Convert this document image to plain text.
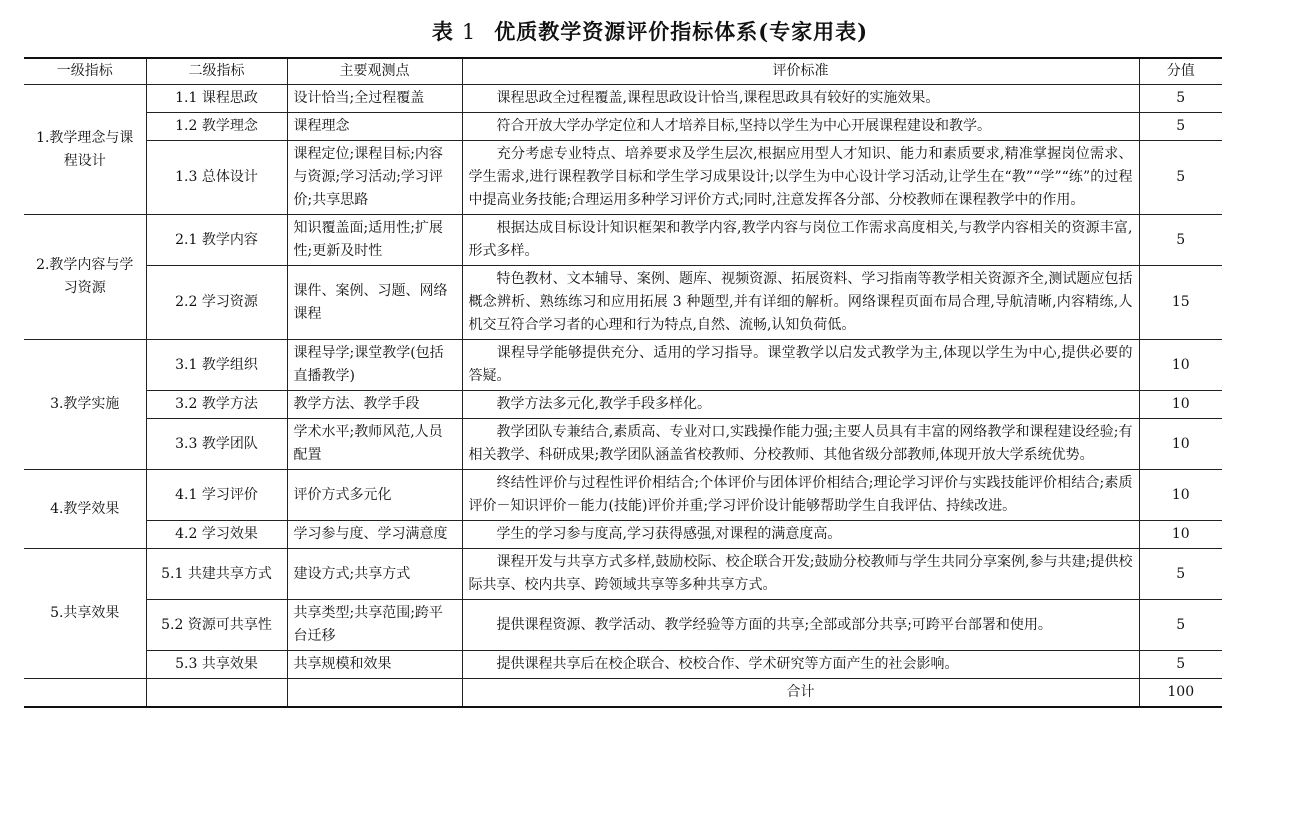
表 1 优质教学资源评价指标体系(专家用表)
一级指标	二级指标	主要观测点	评价标准	分值
1.教学理念与课程设计	1.1 课程思政	设计恰当;全过程覆盖	课程思政全过程覆盖,课程思政设计恰当,课程思政具有较好的实施效果。	5
	1.2 教学理念	课程理念	符合开放大学办学定位和人才培养目标,坚持以学生为中心开展课程建设和教学。	5
	1.3 总体设计	课程定位;课程目标;内容与资源;学习活动;学习评价;共享思路	充分考虑专业特点、培养要求及学生层次,根据应用型人才知识、能力和素质要求,精准掌握岗位需求、学生需求,进行课程教学目标和学生学习成果设计;以学生为中心设计学习活动,让学生在“教”“学”“练”的过程中提高业务技能;合理运用多种学习评价方式;同时,注意发挥各分部、分校教师在课程教学中的作用。	5
2.教学内容与学习资源	2.1 教学内容	知识覆盖面;适用性;扩展性;更新及时性	根据达成目标设计知识框架和教学内容,教学内容与岗位工作需求高度相关,与教学内容相关的资源丰富,形式多样。	5
	2.2 学习资源	课件、案例、习题、网络课程	特色教材、文本辅导、案例、题库、视频资源、拓展资料、学习指南等教学相关资源齐全,测试题应包括概念辨析、熟练练习和应用拓展 3 种题型,并有详细的解析。网络课程页面布局合理,导航清晰,内容精练,人机交互符合学习者的心理和行为特点,自然、流畅,认知负荷低。	15
3.教学实施	3.1 教学组织	课程导学;课堂教学(包括直播教学)	课程导学能够提供充分、适用的学习指导。课堂教学以启发式教学为主,体现以学生为中心,提供必要的答疑。	10
	3.2 教学方法	教学方法、教学手段	教学方法多元化,教学手段多样化。	10
	3.3 教学团队	学术水平;教师风范,人员配置	教学团队专兼结合,素质高、专业对口,实践操作能力强;主要人员具有丰富的网络教学和课程建设经验;有相关教学、科研成果;教学团队涵盖省校教师、分校教师、其他省级分部教师,体现开放大学系统优势。	10
4.教学效果	4.1 学习评价	评价方式多元化	终结性评价与过程性评价相结合;个体评价与团体评价相结合;理论学习评价与实践技能评价相结合;素质评价－知识评价－能力(技能)评价并重;学习评价设计能够帮助学生自我评估、持续改进。	10
	4.2 学习效果	学习参与度、学习满意度	学生的学习参与度高,学习获得感强,对课程的满意度高。	10
5.共享效果	5.1 共建共享方式	建设方式;共享方式	课程开发与共享方式多样,鼓励校际、校企联合开发;鼓励分校教师与学生共同分享案例,参与共建;提供校际共享、校内共享、跨领域共享等多种共享方式。	5
	5.2 资源可共享性	共享类型;共享范围;跨平台迁移	提供课程资源、教学活动、教学经验等方面的共享;全部或部分共享;可跨平台部署和使用。	5
	5.3 共享效果	共享规模和效果	提供课程共享后在校企联合、校校合作、学术研究等方面产生的社会影响。	5
			合计	100
